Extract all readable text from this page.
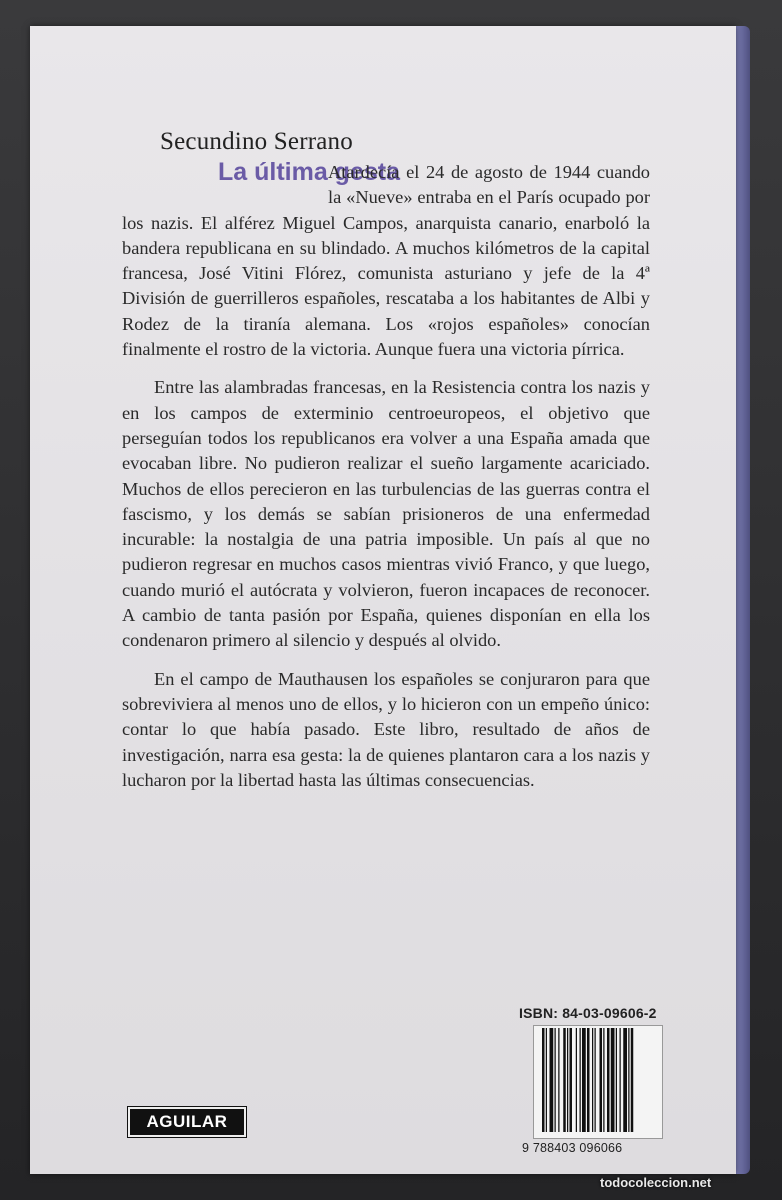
Secundino Serrano
La última gesta

Atardecía el 24 de agosto de 1944 cuando la «Nueve» entraba en el París ocupado por los nazis. El alférez Miguel Campos, anarquista canario, enarboló la bandera republicana en su blindado. A muchos kilómetros de la capital francesa, José Vitini Flórez, comunista asturiano y jefe de la 4ª División de guerrilleros españoles, rescataba a los habitantes de Albi y Rodez de la tiranía alemana. Los «rojos españoles» conocían finalmente el rostro de la victoria. Aunque fuera una victoria pírrica.

Entre las alambradas francesas, en la Resistencia contra los nazis y en los campos de exterminio centroeuropeos, el objetivo que perseguían todos los republicanos era volver a una España amada que evocaban libre. No pudieron realizar el sueño largamente acariciado. Muchos de ellos perecieron en las turbulencias de las guerras contra el fascismo, y los demás se sabían prisioneros de una enfermedad incurable: la nostalgia de una patria imposible. Un país al que no pudieron regresar en muchos casos mientras vivió Franco, y que luego, cuando murió el autócrata y volvieron, fueron incapaces de reconocer. A cambio de tanta pasión por España, quienes disponían en ella los condenaron primero al silencio y después al olvido.

En el campo de Mauthausen los españoles se conjuraron para que sobreviviera al menos uno de ellos, y lo hicieron con un empeño único: contar lo que había pasado. Este libro, resultado de años de investigación, narra esa gesta: la de quienes plantaron cara a los nazis y lucharon por la libertad hasta las últimas consecuencias.

ISBN: 84-03-09606-2
9 788403 096066
AGUILAR
todocoleccion.net
